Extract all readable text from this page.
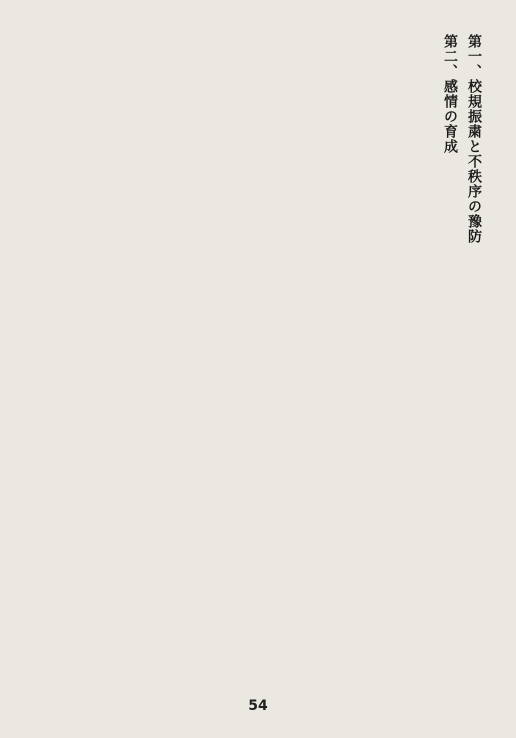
第一、校規振粛と不秩序の豫防

第二、感情の育成

54
